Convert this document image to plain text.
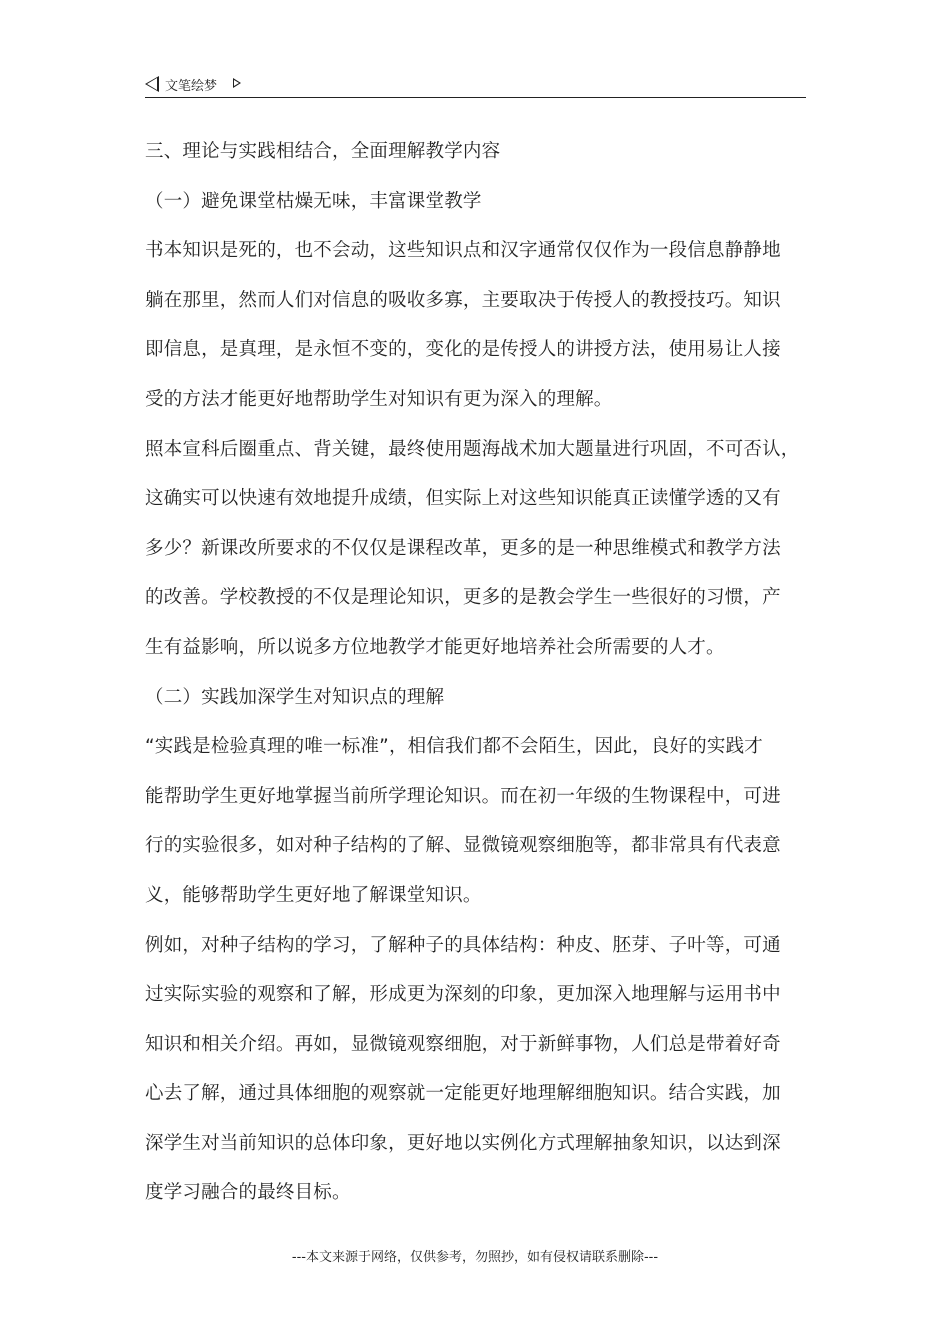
文笔绘梦
三、理论与实践相结合，全面理解教学内容
（一）避免课堂枯燥无味，丰富课堂教学
书本知识是死的，也不会动，这些知识点和汉字通常仅仅作为一段信息静静地
躺在那里，然而人们对信息的吸收多寡，主要取决于传授人的教授技巧。知识
即信息，是真理，是永恒不变的，变化的是传授人的讲授方法，使用易让人接
受的方法才能更好地帮助学生对知识有更为深入的理解。
照本宣科后圈重点、背关键，最终使用题海战术加大题量进行巩固，不可否认，
这确实可以快速有效地提升成绩，但实际上对这些知识能真正读懂学透的又有
多少？新课改所要求的不仅仅是课程改革，更多的是一种思维模式和教学方法
的改善。学校教授的不仅是理论知识，更多的是教会学生一些很好的习惯，产
生有益影响，所以说多方位地教学才能更好地培养社会所需要的人才。
（二）实践加深学生对知识点的理解
“实践是检验真理的唯一标准”，相信我们都不会陌生，因此，良好的实践才
能帮助学生更好地掌握当前所学理论知识。而在初一年级的生物课程中，可进
行的实验很多，如对种子结构的了解、显微镜观察细胞等，都非常具有代表意
义，能够帮助学生更好地了解课堂知识。
例如，对种子结构的学习，了解种子的具体结构：种皮、胚芽、子叶等，可通
过实际实验的观察和了解，形成更为深刻的印象，更加深入地理解与运用书中
知识和相关介绍。再如，显微镜观察细胞，对于新鲜事物，人们总是带着好奇
心去了解，通过具体细胞的观察就一定能更好地理解细胞知识。结合实践，加
深学生对当前知识的总体印象，更好地以实例化方式理解抽象知识，以达到深
度学习融合的最终目标。
---本文来源于网络，仅供参考，勿照抄，如有侵权请联系删除---
